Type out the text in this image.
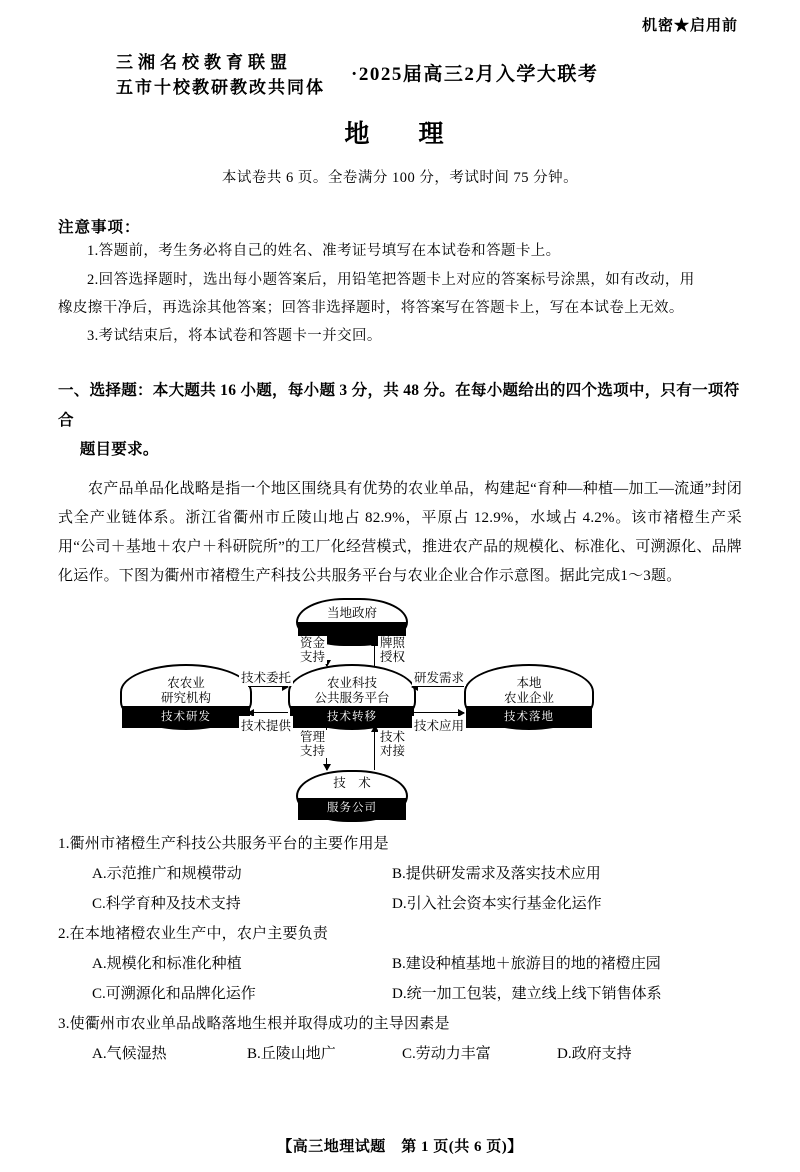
机密★启用前
三湘名校教育联盟
五市十校教研教改共同体
·2025届高三2月入学大联考
地　理
本试卷共 6 页。全卷满分 100 分，考试时间 75 分钟。
注意事项：
1.答题前，考生务必将自己的姓名、准考证号填写在本试卷和答题卡上。
2.回答选择题时，选出每小题答案后，用铅笔把答题卡上对应的答案标号涂黑，如有改动，用
橡皮擦干净后，再选涂其他答案；回答非选择题时，将答案写在答题卡上，写在本试卷上无效。
3.考试结束后，将本试卷和答题卡一并交回。
一、选择题：本大题共 16 小题，每小题 3 分，共 48 分。在每小题给出的四个选项中，只有一项符合
题目要求。
农产品单品化战略是指一个地区围绕具有优势的农业单品，构建起“育种—种植—加工—流通”封闭式全产业链体系。浙江省衢州市丘陵山地占 82.9%，平原占 12.9%，水域占 4.2%。该市褚橙生产采用“公司＋基地＋农户＋科研院所”的工厂化经营模式，推进农产品的规模化、标准化、可溯源化、品牌化运作。下图为衢州市褚橙生产科技公共服务平台与农业企业合作示意图。据此完成1～3题。
当地政府
农农业
研究机构
技术研发
农业科技
公共服务平台
技术转移
本地
农业企业
技术落地
技　术
服务公司
资金
支持
牌照
授权
技术委托
技术提供
研发需求
技术应用
管理
支持
技术
对接
1.衢州市褚橙生产科技公共服务平台的主要作用是
A.示范推广和规模带动	B.提供研发需求及落实技术应用
C.科学育种及技术支持	D.引入社会资本实行基金化运作
2.在本地褚橙农业生产中，农户主要负责
A.规模化和标准化种植	B.建设种植基地＋旅游目的地的褚橙庄园
C.可溯源化和品牌化运作	D.统一加工包装，建立线上线下销售体系
3.使衢州市农业单品战略落地生根并取得成功的主导因素是
A.气候湿热	B.丘陵山地广	C.劳动力丰富	D.政府支持
【高三地理试题　第 1 页(共 6 页)】
